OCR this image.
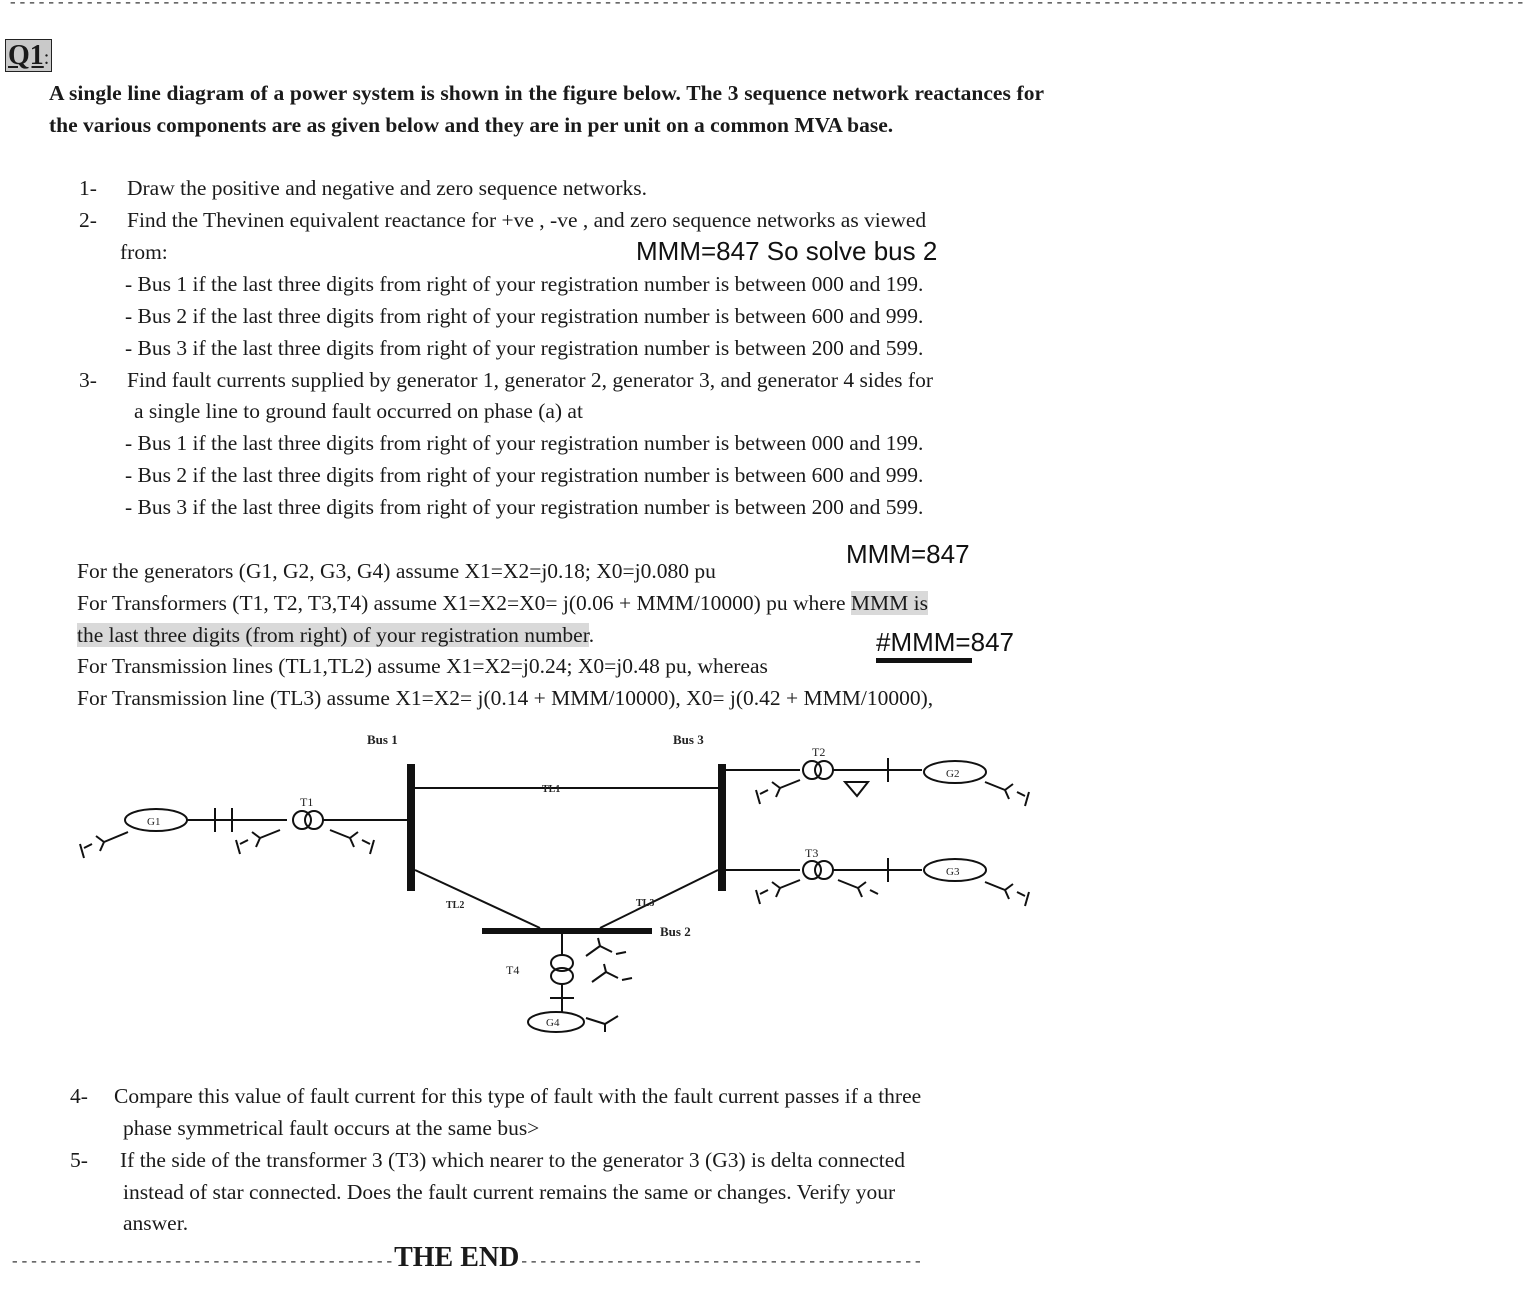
--------------------------------------------------------------------------------------------------------------------------------------------------------------
Q1:
A single line diagram of a power system is shown in the figure below. The 3 sequence network reactances for the various components are as given below and they are in per unit on a common MVA base.
1- Draw the positive and negative and zero sequence networks.
2- Find the Thevinen equivalent reactance for +ve , -ve , and zero sequence networks as viewed
from:	MMM=847 So solve bus 2
- Bus 1 if the last three digits from right of your registration number is between 000 and 199.
- Bus 2 if the last three digits from right of your registration number is between 600 and 999.
- Bus 3 if the last three digits from right of your registration number is between 200 and 599.
3- Find fault currents supplied by generator 1, generator 2, generator 3, and generator 4 sides for
a single line to ground fault occurred on phase (a) at
- Bus 1 if the last three digits from right of your registration number is between 000 and 199.
- Bus 2 if the last three digits from right of your registration number is between 600 and 999.
- Bus 3 if the last three digits from right of your registration number is between 200 and 599.
MMM=847
For the generators (G1, G2, G3, G4) assume X1=X2=j0.18; X0=j0.080 pu
For Transformers (T1, T2, T3,T4) assume X1=X2=X0= j(0.06 + MMM/10000) pu where MMM is
the last three digits (from right) of your registration number.	#MMM=847
For Transmission lines (TL1,TL2) assume X1=X2=j0.24; X0=j0.48 pu, whereas
For Transmission line (TL3) assume X1=X2= j(0.14 + MMM/10000), X0= j(0.42 + MMM/10000),
Bus 1	Bus 3
Bus 2
TL1
TL2	TL3
T1
T2
T3
T4
G1
G2
G3
G4
4- Compare this value of fault current for this type of fault with the fault current passes if a three
phase symmetrical fault occurs at the same bus>
5- If the side of the transformer 3 (T3) which nearer to the generator 3 (G3) is delta connected
instead of star connected. Does the fault current remains the same or changes. Verify your
answer.
----------------------------------------THE END------------------------------------------
